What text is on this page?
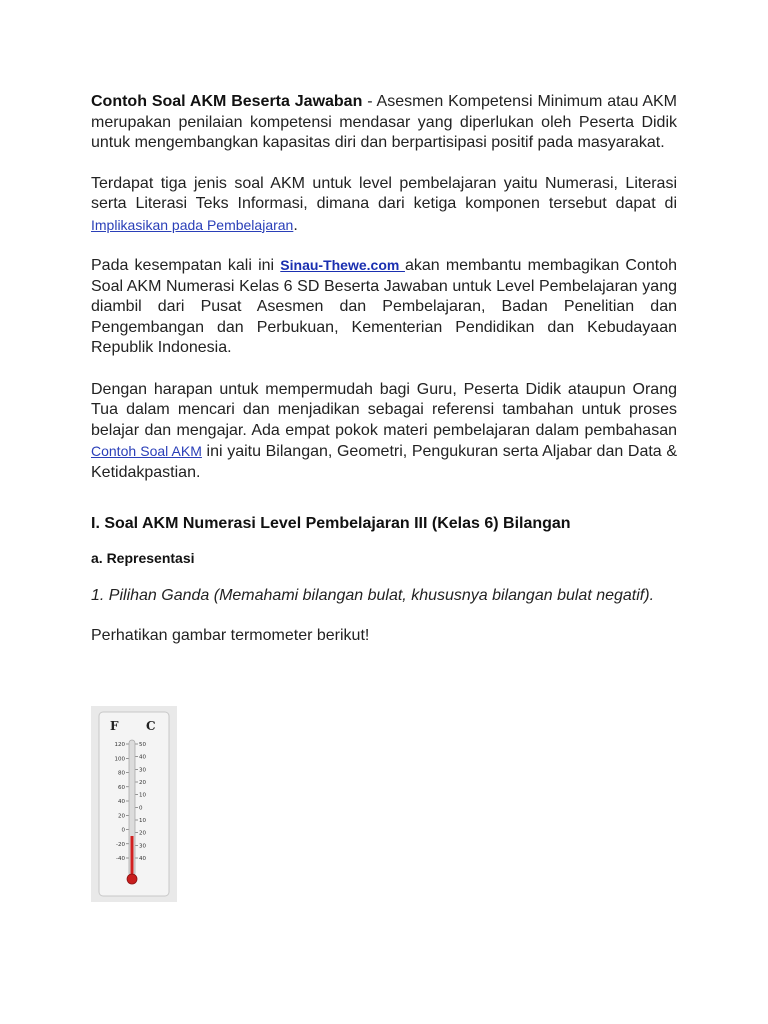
Contoh Soal AKM Beserta Jawaban - Asesmen Kompetensi Minimum atau AKM merupakan penilaian kompetensi mendasar yang diperlukan oleh Peserta Didik untuk mengembangkan kapasitas diri dan berpartisipasi positif pada masyarakat.

Terdapat tiga jenis soal AKM untuk level pembelajaran yaitu Numerasi, Literasi serta Literasi Teks Informasi, dimana dari ketiga komponen tersebut dapat di Implikasikan pada Pembelajaran.

Pada kesempatan kali ini Sinau-Thewe.com akan membantu membagikan Contoh Soal AKM Numerasi Kelas 6 SD Beserta Jawaban untuk Level Pembelajaran yang diambil dari Pusat Asesmen dan Pembelajaran, Badan Penelitian dan Pengembangan dan Perbukuan, Kementerian Pendidikan dan Kebudayaan Republik Indonesia.

Dengan harapan untuk mempermudah bagi Guru, Peserta Didik ataupun Orang Tua dalam mencari dan menjadikan sebagai referensi tambahan untuk proses belajar dan mengajar. Ada empat pokok materi pembelajaran dalam pembahasan Contoh Soal AKM ini yaitu Bilangan, Geometri, Pengukuran serta Aljabar dan Data & Ketidakpastian.

I. Soal AKM Numerasi Level Pembelajaran III (Kelas 6) Bilangan
a. Representasi

1. Pilihan Ganda (Memahami bilangan bulat, khususnya bilangan bulat negatif).

Perhatikan gambar termometer berikut!

F C
120
100
80
60
40
20
0
-20
-40
50
40
30
20
10
0
10
20
30
40
